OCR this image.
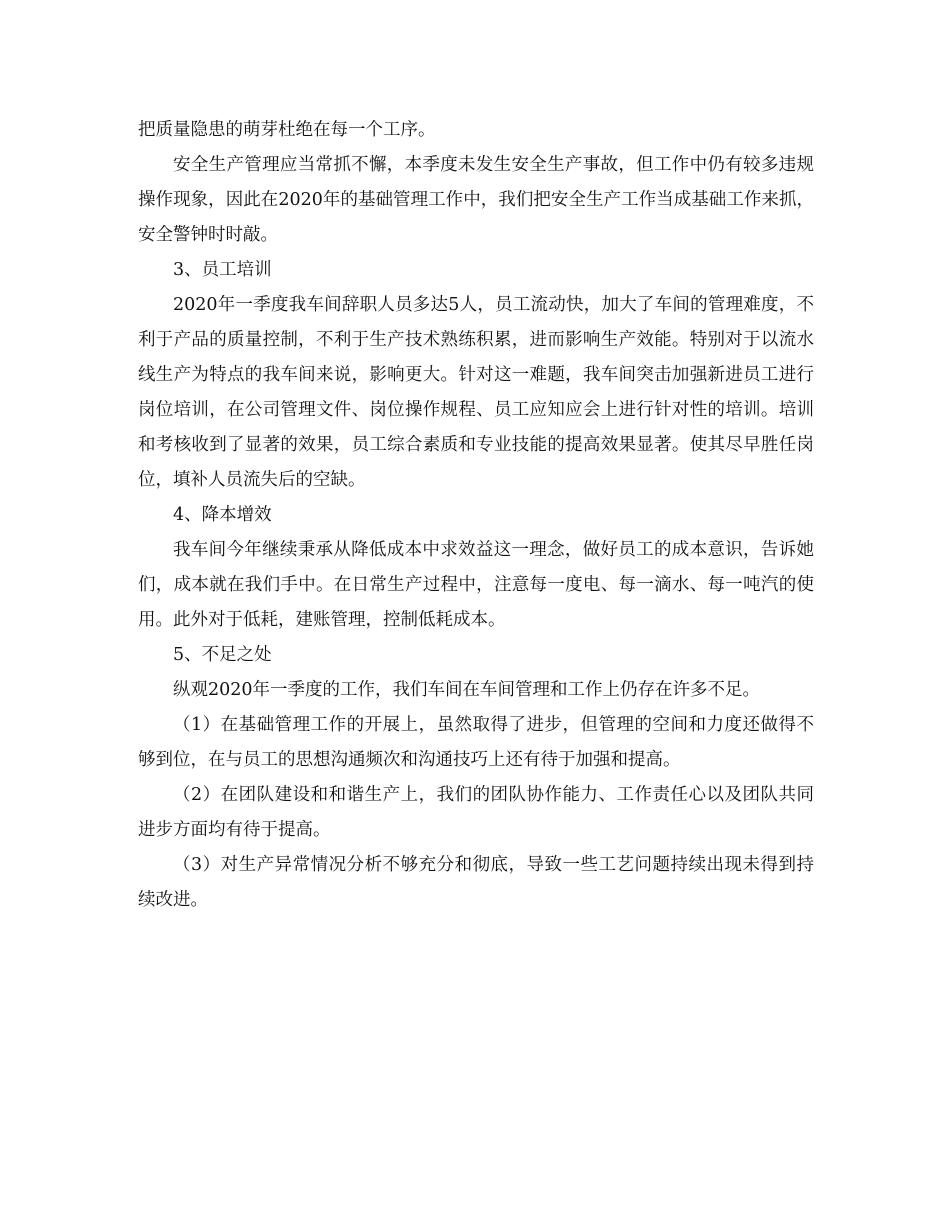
把质量隐患的萌芽杜绝在每一个工序。

安全生产管理应当常抓不懈，本季度未发生安全生产事故，但工作中仍有较多违规操作现象，因此在2020年的基础管理工作中，我们把安全生产工作当成基础工作来抓，安全警钟时时敲。

3、员工培训

2020年一季度我车间辞职人员多达5人，员工流动快，加大了车间的管理难度，不利于产品的质量控制，不利于生产技术熟练积累，进而影响生产效能。特别对于以流水线生产为特点的我车间来说，影响更大。针对这一难题，我车间突击加强新进员工进行岗位培训，在公司管理文件、岗位操作规程、员工应知应会上进行针对性的培训。培训和考核收到了显著的效果，员工综合素质和专业技能的提高效果显著。使其尽早胜任岗位，填补人员流失后的空缺。

4、降本增效

我车间今年继续秉承从降低成本中求效益这一理念，做好员工的成本意识，告诉她们，成本就在我们手中。在日常生产过程中，注意每一度电、每一滴水、每一吨汽的使用。此外对于低耗，建账管理，控制低耗成本。

5、不足之处

纵观2020年一季度的工作，我们车间在车间管理和工作上仍存在许多不足。

（1）在基础管理工作的开展上，虽然取得了进步，但管理的空间和力度还做得不够到位，在与员工的思想沟通频次和沟通技巧上还有待于加强和提高。

（2）在团队建设和和谐生产上，我们的团队协作能力、工作责任心以及团队共同进步方面均有待于提高。

（3）对生产异常情况分析不够充分和彻底，导致一些工艺问题持续出现未得到持续改进。
